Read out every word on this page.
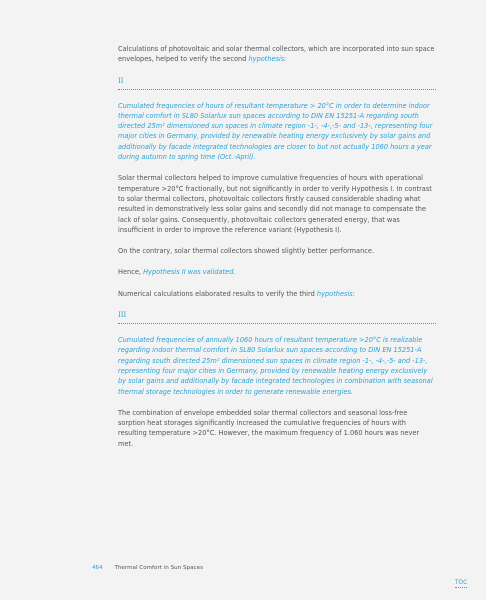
Calculations of photovoltaic and solar thermal collectors, which are incorporated into sun space envelopes, helped to verify the second hypothesis:

II

Cumulated frequencies of hours of resultant temperature > 20°C in order to determine indoor thermal comfort in SL80 Solarlux sun spaces according to DIN EN 15251-A regarding south directed 25m² dimensioned sun spaces in climate region -1-, -4-,-5- and -13-, representing four major cities in Germany, provided by renewable heating energy exclusively by solar gains and additionally by facade integrated technologies are closer to but not actually 1060 hours a year during autumn to spring time (Oct.-April).

Solar thermal collectors helped to improve cumulative frequencies of hours with operational temperature >20°C fractionally, but not significantly in order to verify Hypothesis I. In contrast to solar thermal collectors, photovoltaic collectors firstly caused considerable shading what resulted in demonstratively less solar gains and secondly did not manage to compensate the lack of solar gains. Consequently, photovoltaic collectors generated energy, that was insufficient in order to improve the reference variant (Hypothesis I).

On the contrary, solar thermal collectors showed slightly better performance.

Hence, Hypothesis II was validated.

Numerical calculations elaborated results to verify the third hypothesis:

III

Cumulated frequencies of annually 1060 hours of resultant temperature >20°C is realizable regarding indoor thermal comfort in SL80 Solarlux sun spaces according to DIN EN 15251-A regarding south directed 25m² dimensioned sun spaces in climate region -1-, -4-,-5- and -13-, representing four major cities in Germany, provided by renewable heating energy exclusively by solar gains and additionally by facade integrated technologies in combination with seasonal thermal storage technologies in order to generate renewable energies.

The combination of envelope embedded solar thermal collectors and seasonal loss-free sorption heat storages significantly increased the cumulative frequencies of hours with resulting temperature >20°C. However, the maximum frequency of 1.060 hours was never met.

464 Thermal Comfort in Sun Spaces
TOC
